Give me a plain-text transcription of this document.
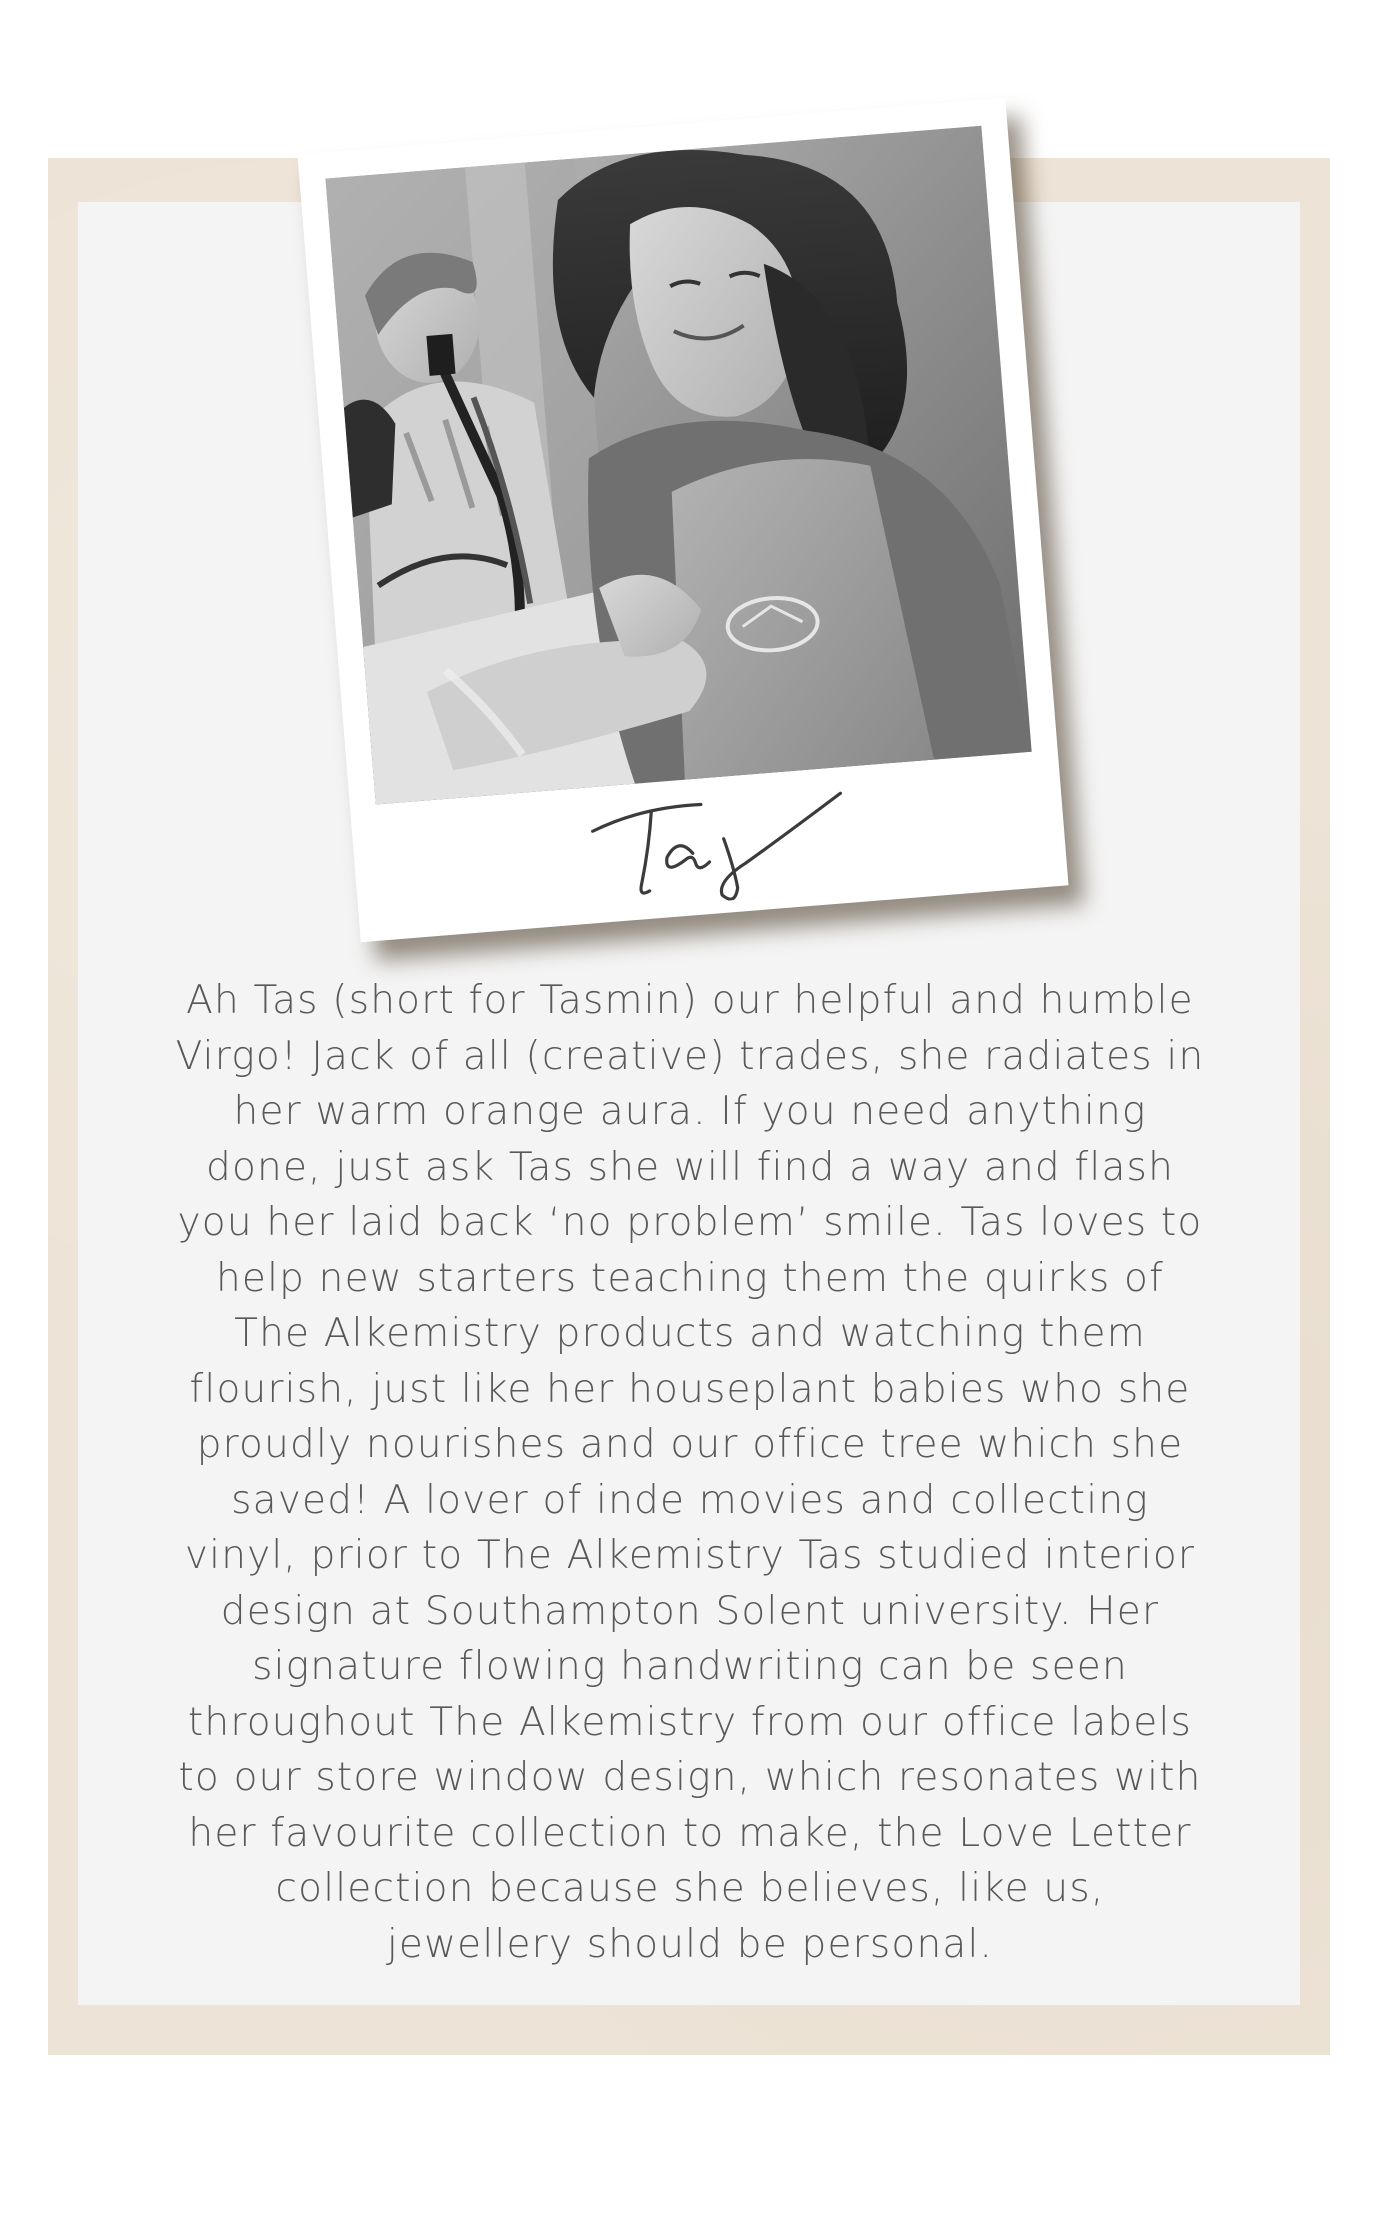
Ah Tas (short for Tasmin) our helpful and humble
Virgo! Jack of all (creative) trades, she radiates in
her warm orange aura. If you need anything
done, just ask Tas she will find a way and flash
you her laid back ‘no problem’ smile. Tas loves to
help new starters teaching them the quirks of
The Alkemistry products and watching them
flourish, just like her houseplant babies who she
proudly nourishes and our office tree which she
saved! A lover of inde movies and collecting
vinyl, prior to The Alkemistry Tas studied interior
design at Southampton Solent university. Her
signature flowing handwriting can be seen
throughout The Alkemistry from our office labels
to our store window design, which resonates with
her favourite collection to make, the Love Letter
collection because she believes, like us,
jewellery should be personal.
